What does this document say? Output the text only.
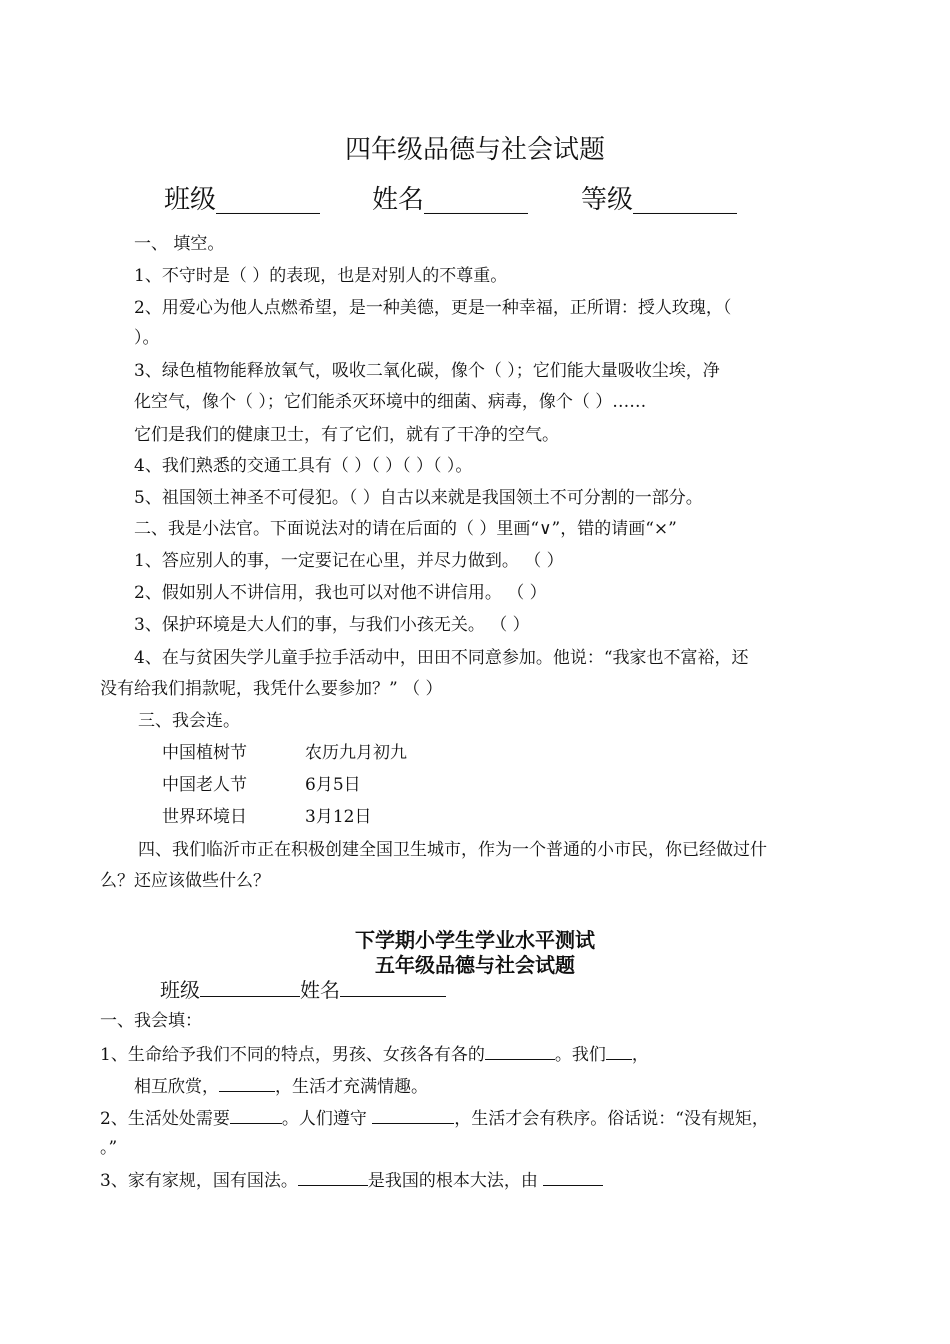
四年级品德与社会试题
班级________ 姓名________ 等级________
一、 填空。
1、不守时是（ ）的表现，也是对别人的不尊重。
2、用爱心为他人点燃希望，是一种美德，更是一种幸福，正所谓：授人玫瑰，（
）。
3、绿色植物能释放氧气，吸收二氧化碳，像个（ ）；它们能大量吸收尘埃，净
化空气，像个（ ）；它们能杀灭环境中的细菌、病毒，像个（ ）……
它们是我们的健康卫士，有了它们，就有了干净的空气。
4、我们熟悉的交通工具有（ ）（ ）（ ）（ ）。
5、祖国领土神圣不可侵犯。（ ）自古以来就是我国领土不可分割的一部分。
二、我是小法官。下面说法对的请在后面的（ ）里画“∨”，错的请画“×”
1、答应别人的事，一定要记在心里，并尽力做到。 （ ）
2、假如别人不讲信用，我也可以对他不讲信用。 （ ）
3、保护环境是大人们的事，与我们小孩无关。 （ ）
4、在与贫困失学儿童手拉手活动中，田田不同意参加。他说：“我家也不富裕，还
没有给我们捐款呢，我凭什么要参加？” （ ）
三、我会连。
中国植树节	农历九月初九
中国老人节	6月5日
世界环境日	3月12日
四、我们临沂市正在积极创建全国卫生城市，作为一个普通的小市民，你已经做过什
么？还应该做些什么？
下学期小学生学业水平测试
五年级品德与社会试题
班级	姓名
一、我会填：
1、生命给予我们不同的特点，男孩、女孩各有各的	。我们 ，
相互欣赏，	，生活才充满情趣。
2、生活处处需要	。人们遵守	，生活才会有秩序。俗话说：“没有规矩，
。”
3、家有家规，国有国法。	是我国的根本大法，由
